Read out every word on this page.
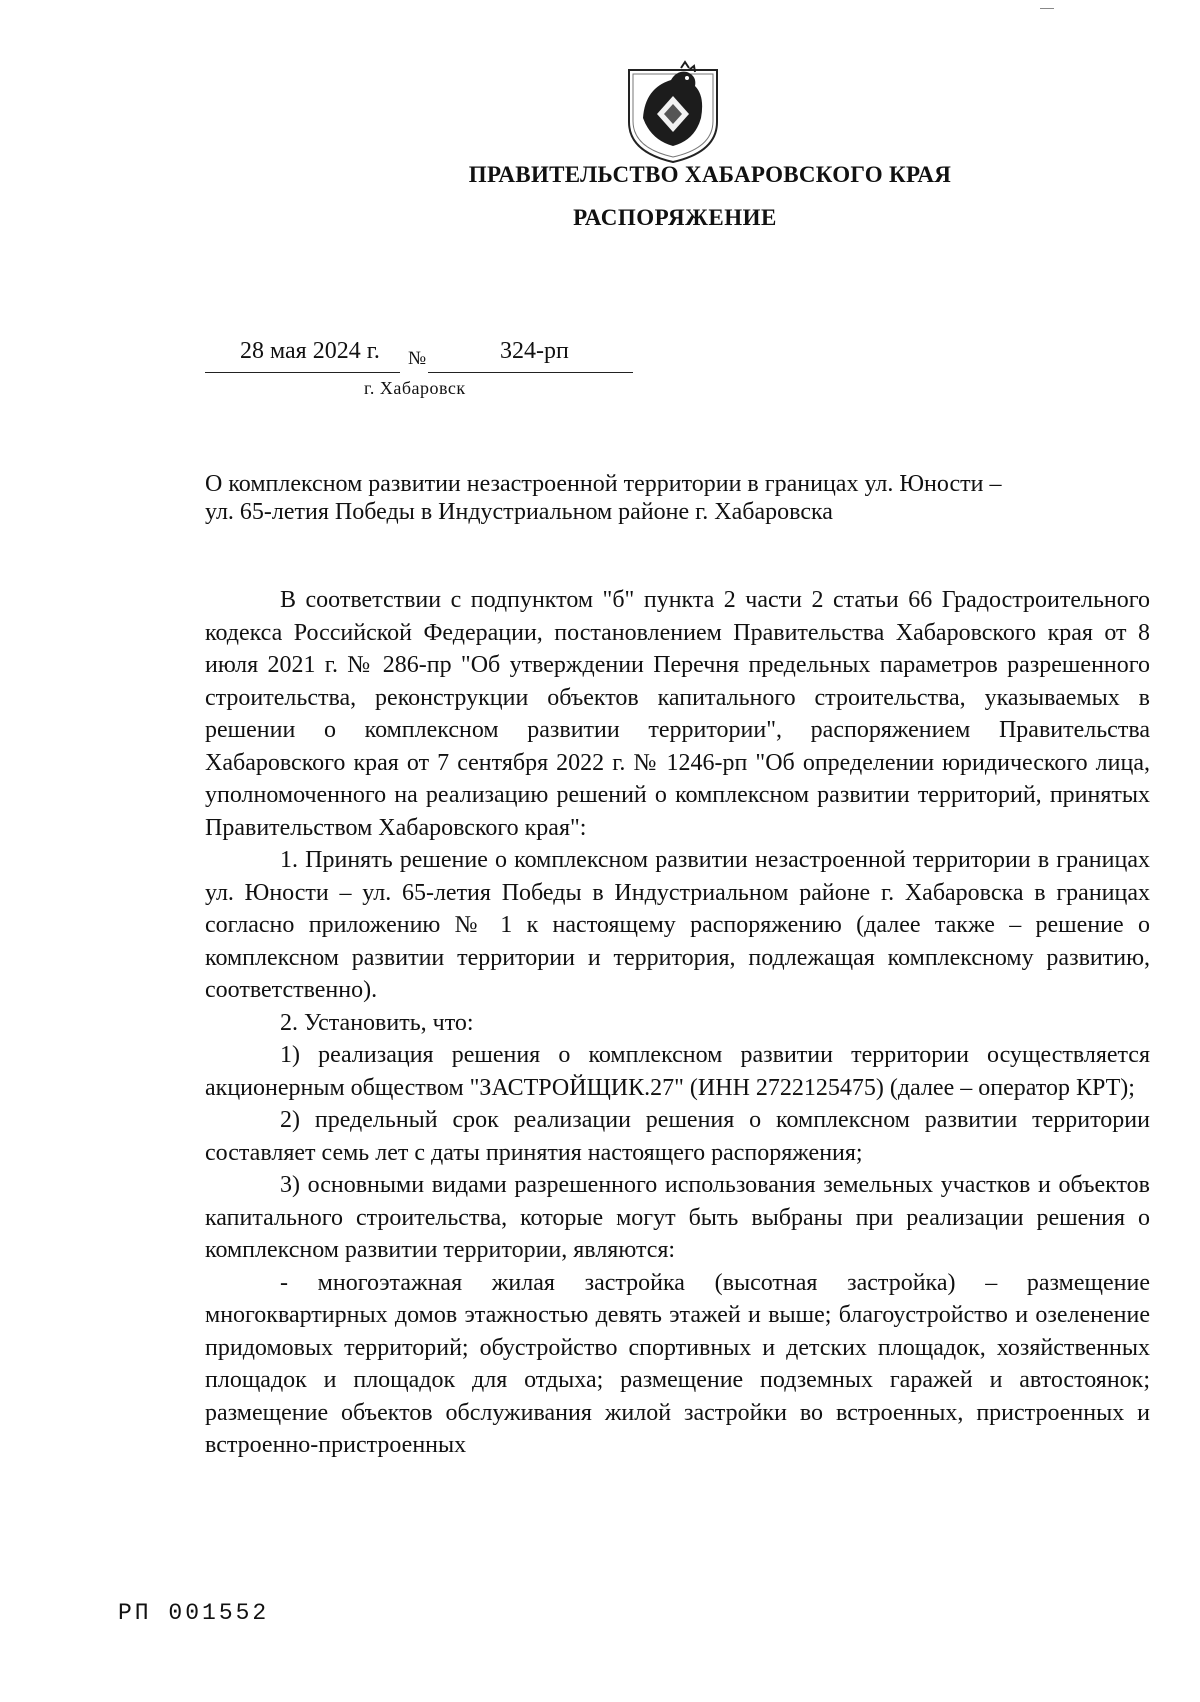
ПРАВИТЕЛЬСТВО ХАБАРОВСКОГО КРАЯ
РАСПОРЯЖЕНИЕ
28 мая 2024 г. №	324-рп
г. Хабаровск
О комплексном развитии незастроенной территории в границах ул. Юности –
ул. 65-летия Победы в Индустриальном районе г. Хабаровска

В соответствии с подпунктом "б" пункта 2 части 2 статьи 66 Градостроительного кодекса Российской Федерации, постановлением Правительства Хабаровского края от 8 июля 2021 г. № 286-пр "Об утверждении Перечня предельных параметров разрешенного строительства, реконструкции объектов капитального строительства, указываемых в решении о комплексном развитии территории", распоряжением Правительства Хабаровского края от 7 сентября 2022 г. № 1246-рп "Об определении юридического лица, уполномоченного на реализацию решений о комплексном развитии территорий, принятых Правительством Хабаровского края":

1. Принять решение о комплексном развитии незастроенной территории в границах ул. Юности – ул. 65-летия Победы в Индустриальном районе г. Хабаровска в границах согласно приложению № 1 к настоящему распоряжению (далее также – решение о комплексном развитии территории и территория, подлежащая комплексному развитию, соответственно).

2. Установить, что:

1) реализация решения о комплексном развитии территории осуществляется акционерным обществом "ЗАСТРОЙЩИК.27" (ИНН 2722125475) (далее – оператор КРТ);

2) предельный срок реализации решения о комплексном развитии территории составляет семь лет с даты принятия настоящего распоряжения;

3) основными видами разрешенного использования земельных участков и объектов капитального строительства, которые могут быть выбраны при реализации решения о комплексном развитии территории, являются:

- многоэтажная жилая застройка (высотная застройка) – размещение многоквартирных домов этажностью девять этажей и выше; благоустройство и озеленение придомовых территорий; обустройство спортивных и детских площадок, хозяйственных площадок и площадок для отдыха; размещение подземных гаражей и автостоянок; размещение объектов обслуживания жилой застройки во встроенных, пристроенных и встроенно-пристроенных

РП 001552
